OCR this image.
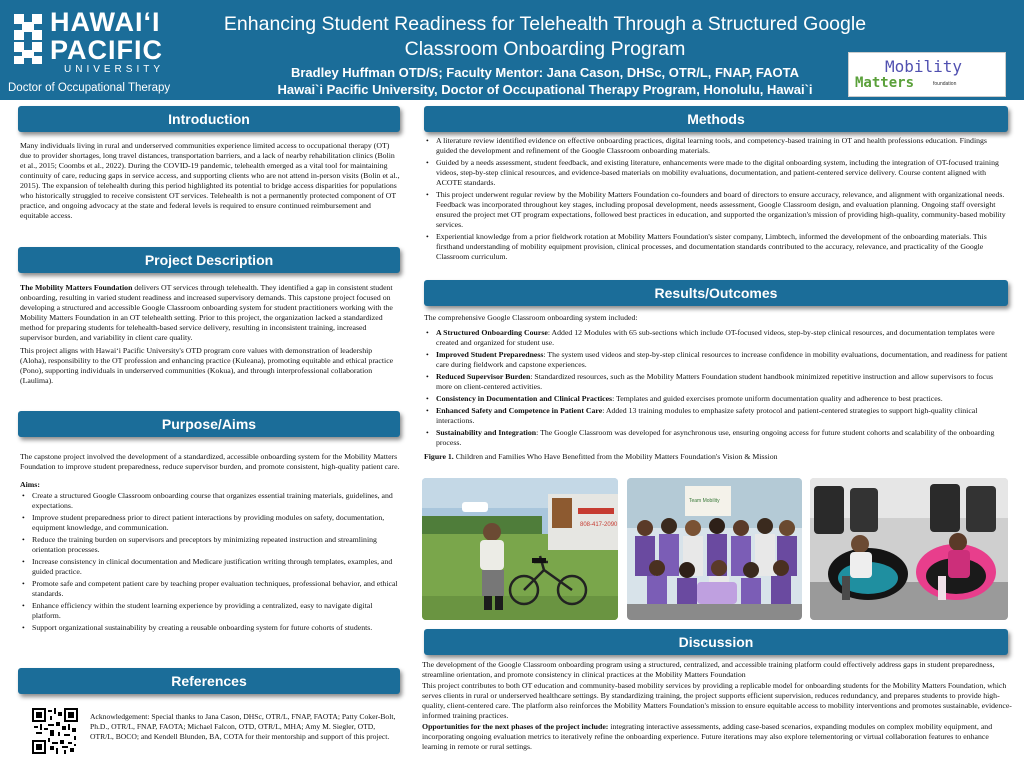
HAWAIʻI
PACIFIC
UNIVERSITY
Doctor of Occupational Therapy
Enhancing Student Readiness for Telehealth Through a Structured Google Classroom Onboarding Program
Bradley Huffman OTD/S; Faculty Mentor: Jana Cason, DHSc, OTR/L, FNAP, FAOTA
Hawai`i Pacific University, Doctor of Occupational Therapy Program, Honolulu, Hawai`i
Mobility
Matters	foundation
Introduction

Many individuals living in rural and underserved communities experience limited access to occupational therapy (OT) due to provider shortages, long travel distances, transportation barriers, and a lack of nearby rehabilitation clinics (Bolin et al., 2015; Coombs et al., 2022). During the COVID-19 pandemic, telehealth emerged as a vital tool for maintaining continuity of care, reducing gaps in service access, and supporting clients who are not attend in-person visits (Bolin et al., 2015). The expansion of telehealth during this period highlighted its potential to bridge access disparities for populations who historically struggled to receive consistent OT services. Telehealth is not a permanently protected component of OT practice, and ongoing advocacy at the state and federal levels is required to ensure continued reimbursement and equitable access.

Project Description

The Mobility Matters Foundation delivers OT services through telehealth. They identified a gap in consistent student onboarding, resulting in varied student readiness and increased supervisory demands. This capstone project focused on developing a structured and accessible Google Classroom onboarding system for student practitioners working with the Mobility Matters Foundation in an OT telehealth setting. Prior to this project, the organization lacked a standardized method for preparing students for telehealth-based service delivery, resulting in inconsistent training, increased supervisor burden, and variability in client care quality.

This project aligns with Hawaiʻi Pacific University's OTD program core values with demonstration of leadership (Aloha), responsibility to the OT profession and enhancing practice (Kuleana), promoting equitable and ethical practice (Pono), supporting individuals in underserved communities (Kokua), and through interprofessional collaboration (Laulima).

Purpose/Aims

The capstone project involved the development of a standardized, accessible onboarding system for the Mobility Matters Foundation to improve student preparedness, reduce supervisor burden, and promote consistent, high-quality patient care.

Aims:

• Create a structured Google Classroom onboarding course that organizes essential training materials, guidelines, and expectations.
• Improve student preparedness prior to direct patient interactions by providing modules on safety, documentation, equipment knowledge, and communication.
• Reduce the training burden on supervisors and preceptors by minimizing repeated instruction and streamlining orientation processes.
• Increase consistency in clinical documentation and Medicare justification writing through templates, examples, and guided practice.
• Promote safe and competent patient care by teaching proper evaluation techniques, professional behavior, and ethical standards.
• Enhance efficiency within the student learning experience by providing a centralized, easy to navigate digital platform.
• Support organizational sustainability by creating a reusable onboarding system for future cohorts of students.
References
Acknowledgement: Special thanks to Jana Cason, DHSc, OTR/L, FNAP, FAOTA; Patty Coker-Bolt, Ph.D., OTR/L, FNAP, FAOTA; Michael Falcon, OTD, OTR/L, MHA; Amy M. Siegler, OTD, OTR/L, BOCO; and Kendell Blunden, BA, COTA for their mentorship and support of this project.
Methods
• A literature review identified evidence on effective onboarding practices, digital learning tools, and competency-based training in OT and health professions education. Findings guided the development and refinement of the Google Classroom onboarding materials.
• Guided by a needs assessment, student feedback, and existing literature, enhancements were made to the digital onboarding system, including the integration of OT-focused training videos, step-by-step clinical resources, and evidence-based materials on mobility evaluations, documentation, and patient-centered service delivery. Course content aligned with ACOTE standards.
• This project underwent regular review by the Mobility Matters Foundation co-founders and board of directors to ensure accuracy, relevance, and alignment with organizational needs. Feedback was incorporated throughout key stages, including proposal development, needs assessment, Google Classroom design, and evaluation planning. Ongoing staff oversight ensured the project met OT program expectations, followed best practices in education, and supported the organization's mission of providing high-quality, community-based mobility services.
• Experiential knowledge from a prior fieldwork rotation at Mobility Matters Foundation's sister company, Limbtech, informed the development of the onboarding materials. This firsthand understanding of mobility equipment provision, clinical processes, and documentation standards contributed to the accuracy, relevance, and practicality of the Google Classroom curriculum.
Results/Outcomes

The comprehensive Google Classroom onboarding system included:

• A Structured Onboarding Course: Added 12 Modules with 65 sub-sections which include OT-focused videos, step-by-step clinical resources, and documentation templates were created and organized for student use.
• Improved Student Preparedness: The system used videos and step-by-step clinical resources to increase confidence in mobility evaluations, documentation, and readiness for patient care during fieldwork and capstone experiences.
• Reduced Supervisor Burden: Standardized resources, such as the Mobility Matters Foundation student handbook minimized repetitive instruction and allow supervisors to focus more on client-centered activities.
• Consistency in Documentation and Clinical Practices: Templates and guided exercises promote uniform documentation quality and adherence to best practices.
• Enhanced Safety and Competence in Patient Care: Added 13 training modules to emphasize safety protocol and patient-centered strategies to support high-quality clinical interactions.
• Sustainability and Integration: The Google Classroom was developed for asynchronous use, ensuring ongoing access for future student cohorts and scalability of the onboarding process.

Figure 1. Children and Families Who Have Benefitted from the Mobility Matters Foundation's Vision & Mission

808-417-2090
Team Mobility
Discussion

The development of the Google Classroom onboarding program using a structured, centralized, and accessible training platform could effectively address gaps in student preparedness, streamline orientation, and promote consistency in clinical practices at the Mobility Matters Foundation

This project contributes to both OT education and community-based mobility services by providing a replicable model for onboarding students for the Mobility Matters Foundation, which serves clients in rural or underserved healthcare settings. By standardizing training, the project supports efficient supervision, reduces redundancy, and prepares students to provide high-quality, client-centered care. The platform also reinforces the Mobility Matters Foundation's mission to ensure equitable access to mobility interventions and promotes sustainable, evidence-informed training practices.

Opportunities for the next phases of the project include: integrating interactive assessments, adding case-based scenarios, expanding modules on complex mobility equipment, and incorporating ongoing evaluation metrics to iteratively refine the onboarding experience. Future iterations may also explore telementoring or virtual collaboration features to enhance learning in remote or rural settings.
